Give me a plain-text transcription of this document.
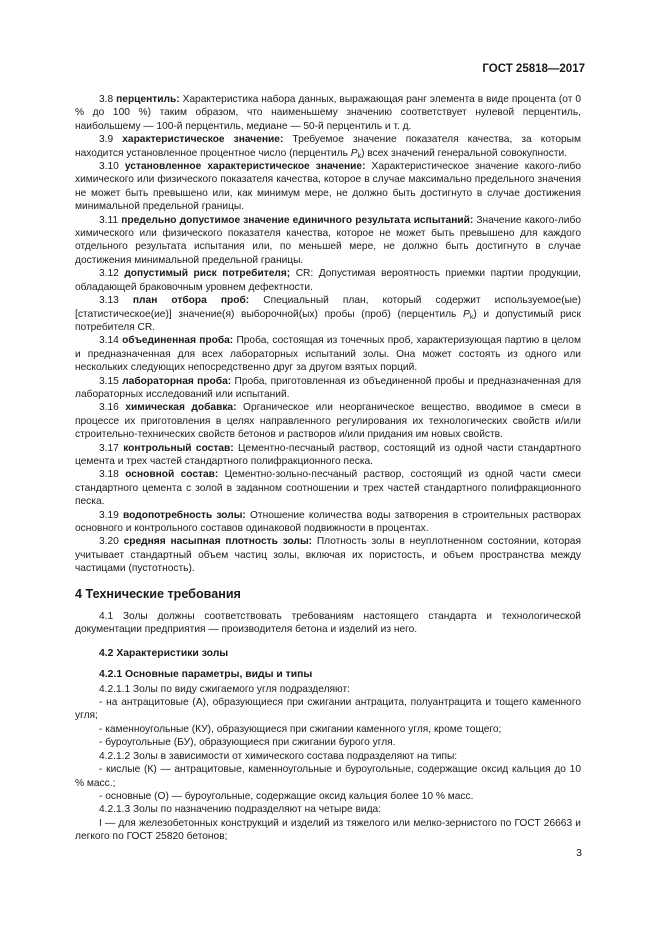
ГОСТ 25818—2017

3.8 перцентиль: Характеристика набора данных, выражающая ранг элемента в виде процента (от 0 % до 100 %) таким образом, что наименьшему значению соответствует нулевой перцентиль, наибольшему — 100-й перцентиль, медиане — 50-й перцентиль и т. д.

3.9 характеристическое значение: Требуемое значение показателя качества, за которым находится установленное процентное число (перцентиль $P_k$) всех значений генеральной совокупности.

3.10 установленное характеристическое значение: Характеристическое значение какого-либо химического или физического показателя качества, которое в случае максимально предельного значения не может быть превышено или, как минимум мере, не должно быть достигнуто в случае достижения минимальной предельной границы.

3.11 предельно допустимое значение единичного результата испытаний: Значение какого-либо химического или физического показателя качества, которое не может быть превышено для каждого отдельного результата испытания или, по меньшей мере, не должно быть достигнуто в случае достижения минимальной предельной границы.

3.12 допустимый риск потребителя; CR: Допустимая вероятность приемки партии продукции, обладающей браковочным уровнем дефектности.

3.13 план отбора проб: Специальный план, который содержит используемое(ые) [статистическое(ие)] значение(я) выборочной(ых) пробы (проб) (перцентиль $P_k$) и допустимый риск потребителя CR.

3.14 объединенная проба: Проба, состоящая из точечных проб, характеризующая партию в целом и предназначенная для всех лабораторных испытаний золы. Она может состоять из одного или нескольких следующих непосредственно друг за другом взятых порций.

3.15 лабораторная проба: Проба, приготовленная из объединенной пробы и предназначенная для лабораторных исследований или испытаний.

3.16 химическая добавка: Органическое или неорганическое вещество, вводимое в смеси в процессе их приготовления в целях направленного регулирования их технологических свойств и/или строительно-технических свойств бетонов и растворов и/или придания им новых свойств.

3.17 контрольный состав: Цементно-песчаный раствор, состоящий из одной части стандартного цемента и трех частей стандартного полифракционного песка.

3.18 основной состав: Цементно-зольно-песчаный раствор, состоящий из одной части смеси стандартного цемента с золой в заданном соотношении и трех частей стандартного полифракционного песка.

3.19 водопотребность золы: Отношение количества воды затворения в строительных растворах основного и контрольного составов одинаковой подвижности в процентах.

3.20 средняя насыпная плотность золы: Плотность золы в неуплотненном состоянии, которая учитывает стандартный объем частиц золы, включая их пористость, и объем пространства между частицами (пустотность).

4 Технические требования

4.1 Золы должны соответствовать требованиям настоящего стандарта и технологической документации предприятия — производителя бетона и изделий из него.

4.2 Характеристики золы

4.2.1 Основные параметры, виды и типы

4.2.1.1 Золы по виду сжигаемого угля подразделяют:

- на антрацитовые (А), образующиеся при сжигании антрацита, полуантрацита и тощего каменного угля;

- каменноугольные (КУ), образующиеся при сжигании каменного угля, кроме тощего;

- буроугольные (БУ), образующиеся при сжигании бурого угля.

4.2.1.2 Золы в зависимости от химического состава подразделяют на типы:

- кислые (К) — антрацитовые, каменноугольные и буроугольные, содержащие оксид кальция до 10 % масс.;

- основные (О) — буроугольные, содержащие оксид кальция более 10 % масс.

4.2.1.3 Золы по назначению подразделяют на четыре вида:

I — для железобетонных конструкций и изделий из тяжелого или мелко-зернистого по ГОСТ 26663 и легкого по ГОСТ 25820 бетонов;

3
